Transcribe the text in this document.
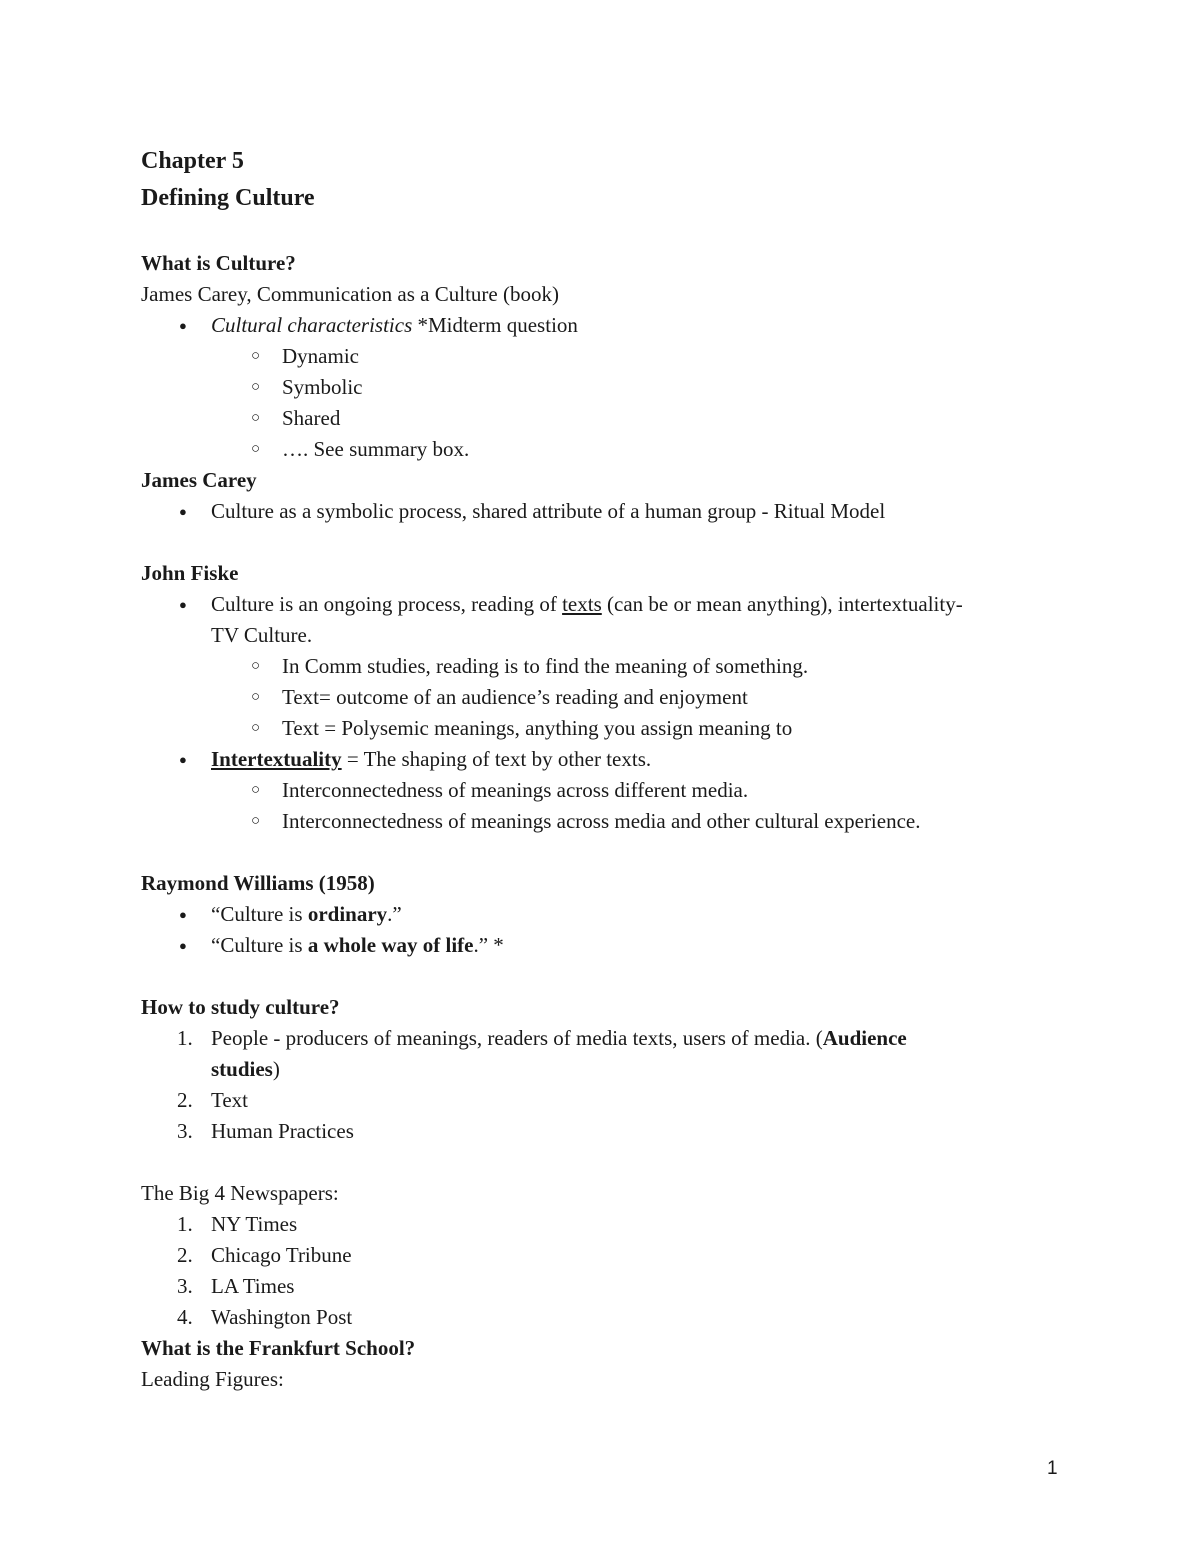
Chapter 5
Defining Culture
What is Culture?
James Carey, Communication as a Culture (book)
● Cultural characteristics *Midterm question
○ Dynamic
○ Symbolic
○ Shared
○ …. See summary box.
James Carey
● Culture as a symbolic process, shared attribute of a human group - Ritual Model
John Fiske
● Culture is an ongoing process, reading of texts (can be or mean anything), intertextuality-
TV Culture.
○ In Comm studies, reading is to find the meaning of something.
○ Text= outcome of an audience’s reading and enjoyment
○ Text = Polysemic meanings, anything you assign meaning to
● Intertextuality = The shaping of text by other texts.
○ Interconnectedness of meanings across different media.
○ Interconnectedness of meanings across media and other cultural experience.
Raymond Williams (1958)
● “Culture is ordinary.”
● “Culture is a whole way of life.” *
How to study culture?
1. People - producers of meanings, readers of media texts, users of media. (Audience
studies)
2. Text
3. Human Practices
The Big 4 Newspapers:
1. NY Times
2. Chicago Tribune
3. LA Times
4. Washington Post
What is the Frankfurt School?
Leading Figures:
1
